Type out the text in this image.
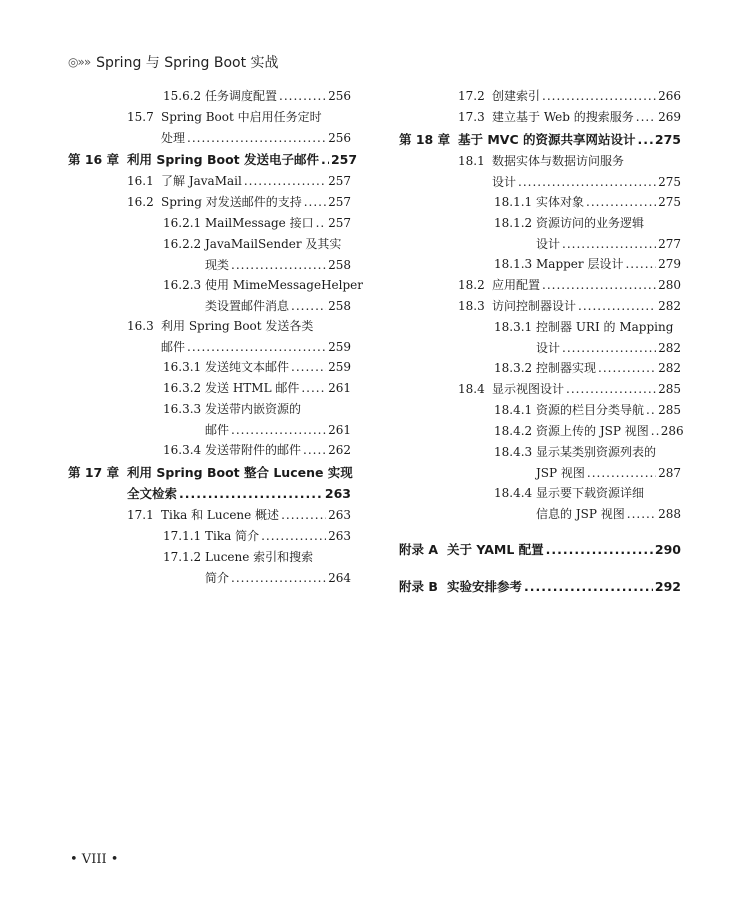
◎»» Spring 与 Spring Boot 实战
15.6.2 任务调度配置 .....	256
15.7 Spring Boot 中启用任务定时
处理 .....	256
第 16 章 利用 Spring Boot 发送电子邮件 ..... 257
16.1 了解 JavaMail .....	257
16.2 Spring 对发送邮件的支持 ..... 257
16.2.1 MailMessage 接口 ..... 257
16.2.2 JavaMailSender 及其实
现类 .....	258
16.2.3 使用 MimeMessageHelper
类设置邮件消息 .....	258
16.3 利用 Spring Boot 发送各类
邮件 .....	259
16.3.1 发送纯文本邮件 .....	259
16.3.2 发送 HTML 邮件 ..... 261
16.3.3 发送带内嵌资源的
邮件 .....	261
16.3.4 发送带附件的邮件 ..... 262
第 17 章 利用 Spring Boot 整合 Lucene 实现
全文检索 .....	263
17.1 Tika 和 Lucene 概述 .....	263
17.1.1 Tika 简介 .....	263
17.1.2 Lucene 索引和搜索
简介 .....	264
17.2 创建索引 .....	266
17.3 建立基于 Web 的搜索服务 ..... 269
第 18 章 基于 MVC 的资源共享网站设计 ..... 275
18.1 数据实体与数据访问服务
设计 .....	275
18.1.1 实体对象 .....	275
18.1.2 资源访问的业务逻辑
设计 .....	277
18.1.3 Mapper 层设计 .....	279
18.2 应用配置 .....	280
18.3 访问控制器设计 .....	282
18.3.1 控制器 URI 的 Mapping
设计 .....	282
18.3.2 控制器实现 .....	282
18.4 显示视图设计 .....	285
18.4.1 资源的栏目分类导航 ..... 285
18.4.2 资源上传的 JSP 视图 ..... 286
18.4.3 显示某类别资源列表的
JSP 视图 .....	287
18.4.4 显示要下载资源详细
信息的 JSP 视图 .....	288
附录 A 关于 YAML 配置 .....	290
附录 B 实验安排参考 .....	292
• VIII •
